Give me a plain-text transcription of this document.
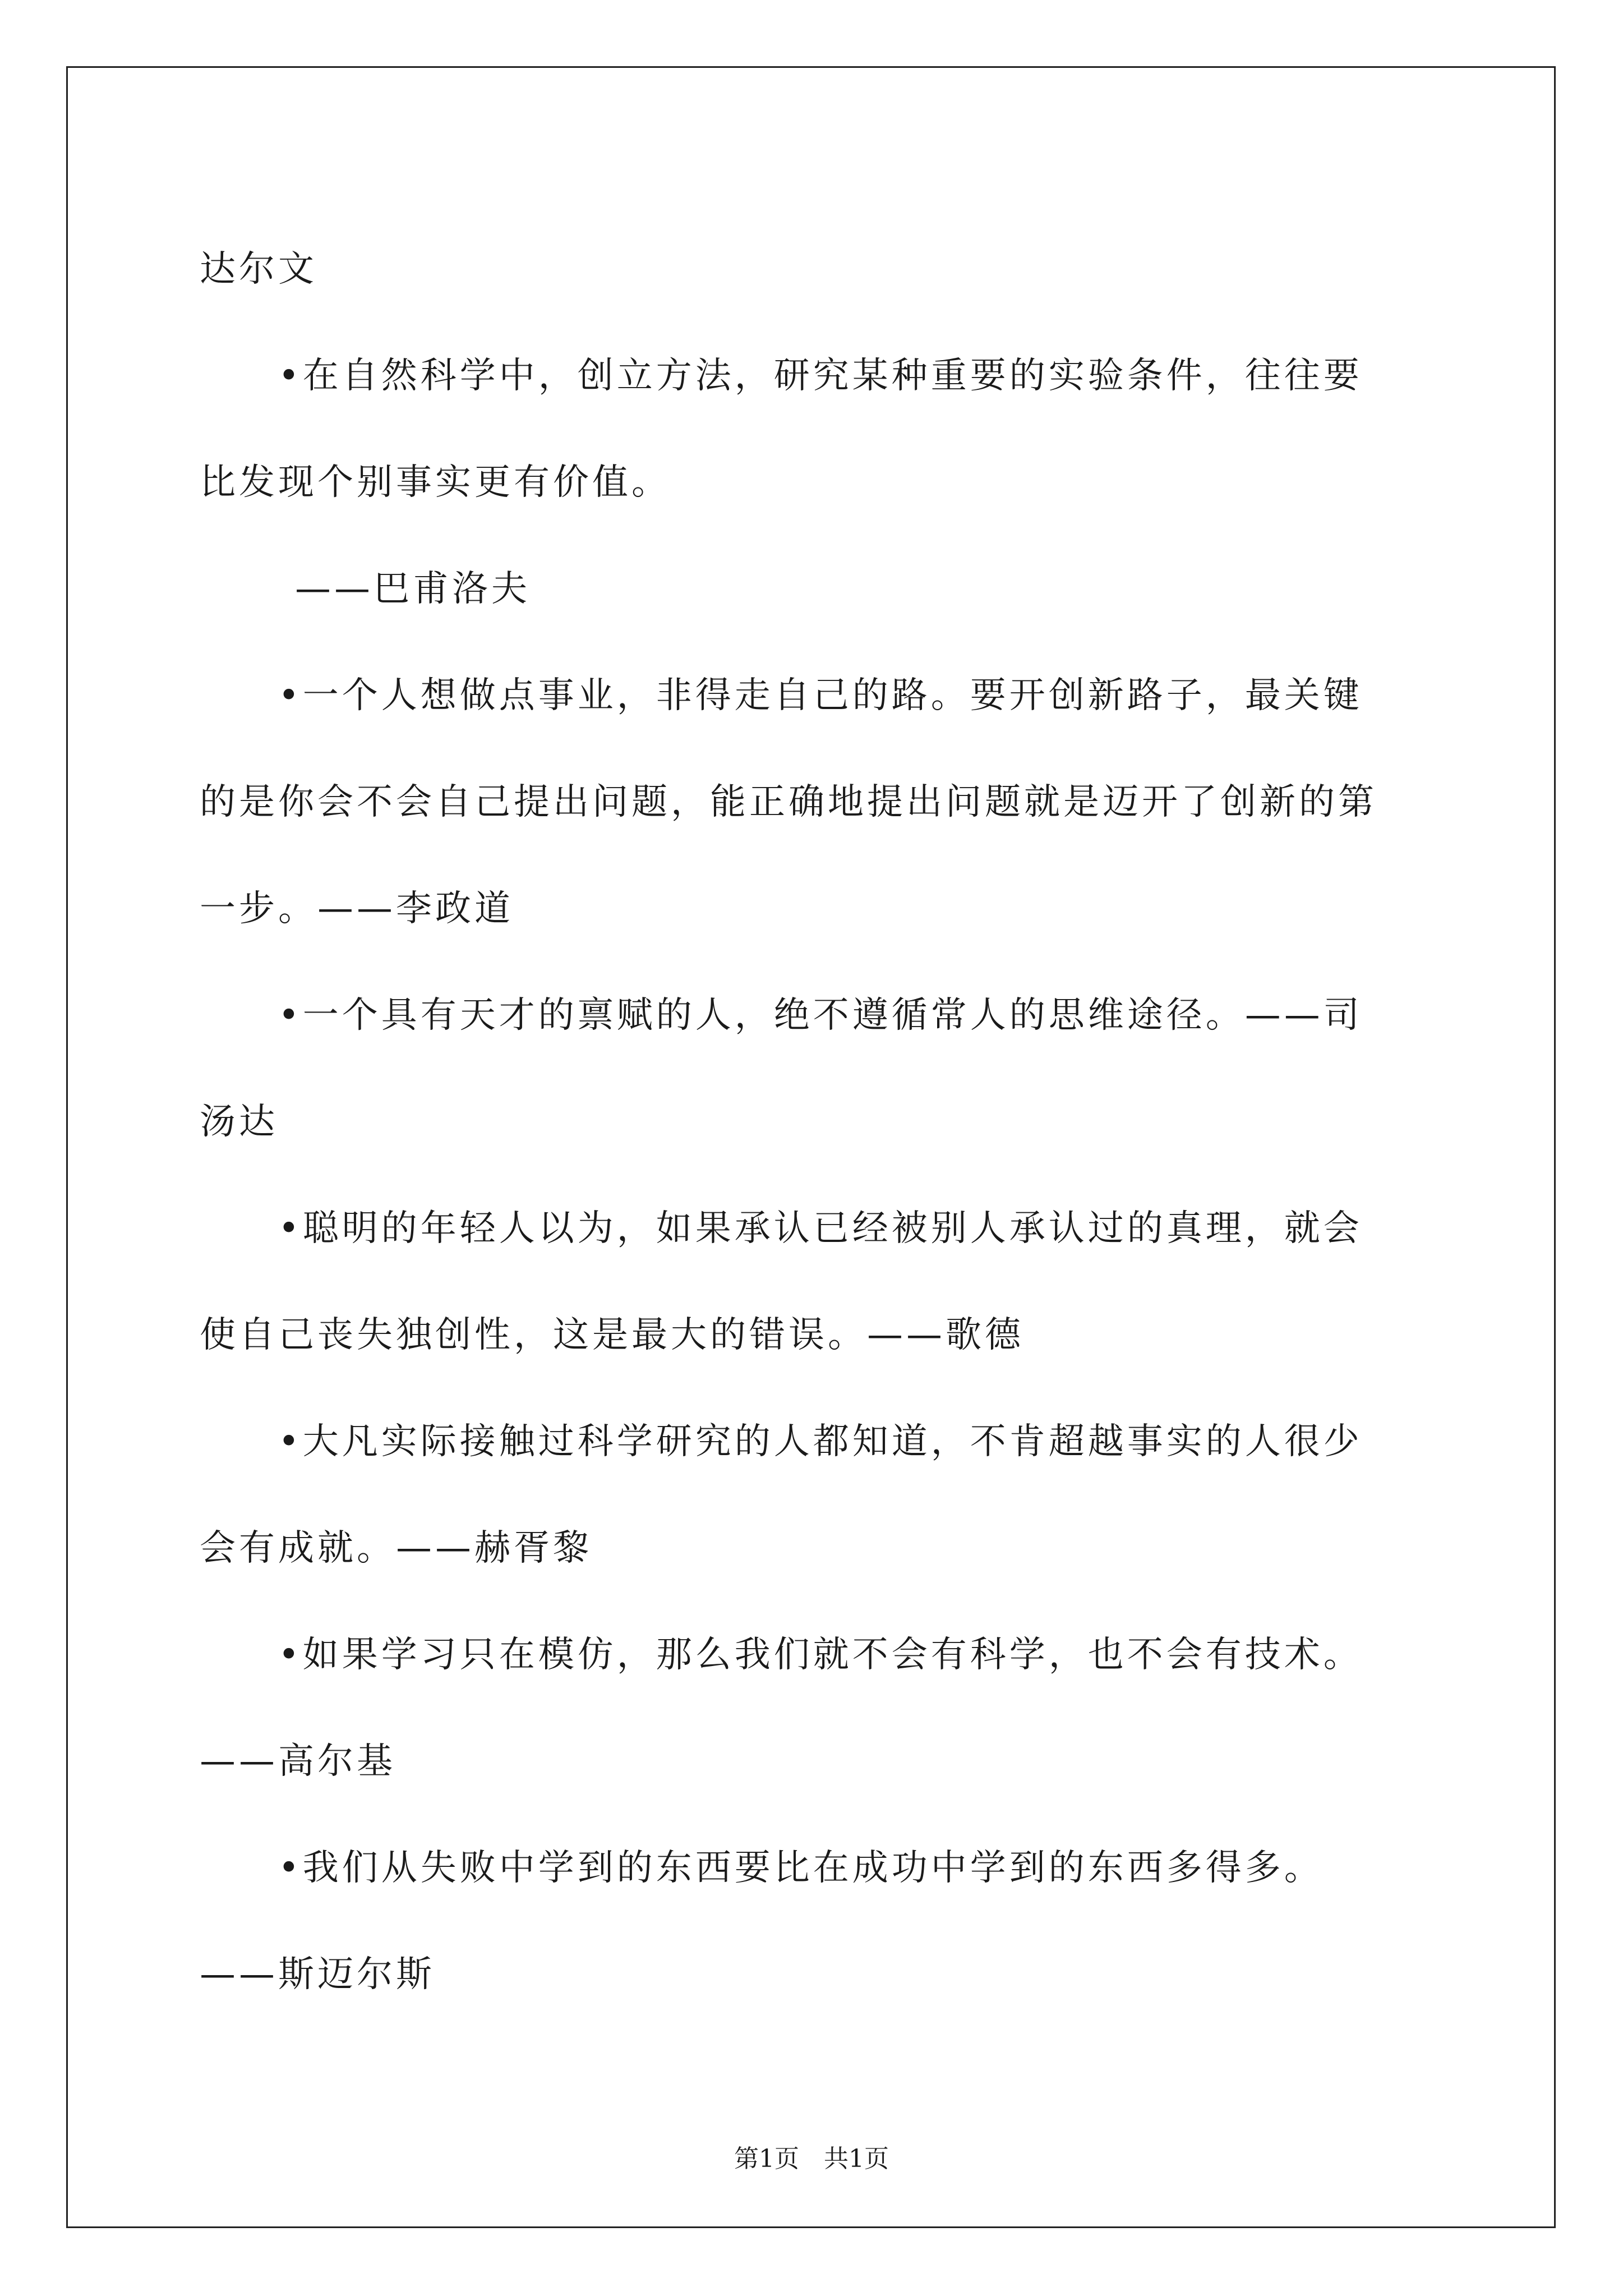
达尔文
•在自然科学中，创立方法，研究某种重要的实验条件，往往要
比发现个别事实更有价值。
——巴甫洛夫
•一个人想做点事业，非得走自己的路。要开创新路子，最关键
的是你会不会自己提出问题，能正确地提出问题就是迈开了创新的第
一步。——李政道
•一个具有天才的禀赋的人，绝不遵循常人的思维途径。——司
汤达
•聪明的年轻人以为，如果承认已经被别人承认过的真理，就会
使自己丧失独创性，这是最大的错误。——歌德
•大凡实际接触过科学研究的人都知道，不肯超越事实的人很少
会有成就。——赫胥黎
•如果学习只在模仿，那么我们就不会有科学，也不会有技术。
——高尔基
•我们从失败中学到的东西要比在成功中学到的东西多得多。
——斯迈尔斯
第1页　共1页
